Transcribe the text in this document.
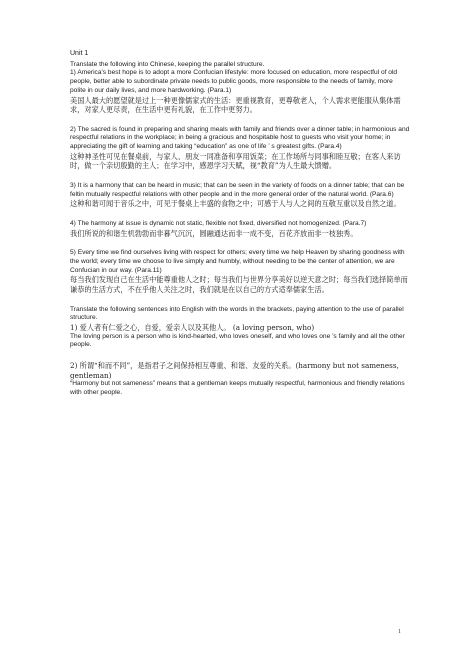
Unit 1

Translate the following into Chinese, keeping the parallel structure.

1) America's best hope is to adopt a more Confucian lifestyle: more focused on education, more respectful of old people, better able to subordinate private needs to public goods, more responsible to the needs of family, more polite in our daily lives, and more hardworking. (Para.1)

美国人最大的愿望就是过上一种更像儒家式的生活：更重视教育，更尊敬老人，个人需求更能服从集体需求，对家人更尽责，在生活中更有礼貌，在工作中更努力。

2) The sacred is found in preparing and sharing meals with family and friends over a dinner table; in harmonious and respectful relations in the workplace; in being a gracious and hospitable host to guests who visit your home; in appreciating the gift of learning and taking “education” as one of life ’ s greatest gifts. (Para.4)

这种神圣性可见在餐桌前，与家人、朋友一同准备和享用饭菜；在工作场所与同事和睦互敬；在客人来访时，做一个亲切殷勤的主人；在学习中，感恩学习天赋，视“教育”为人生最大馈赠。

3) It is a harmony that can be heard in music; that can be seen in the variety of foods on a dinner table; that can be feltin mutually respectful relations with other people and in the more general order of the natural world. (Para.6)

这种和谐可闻于音乐之中，可见于餐桌上丰盛的食物之中；可感于人与人之间的互敬互重以及自然之道。

4) The harmony at issue is dynamic not static, flexible not fixed, diversified not homogenized. (Para.7)

我们所说的和谐生机勃勃而非暮气沉沉，圆融通达而非一成不变，百花齐放而非一枝独秀。

5) Every time we find ourselves living with respect for others; every time we help Heaven by sharing goodness with the world; every time we choose to live simply and humbly, without needing to be the center of attention, we are Confucian in our way. (Para.11)

每当我们发现自己在生活中能尊重他人之时；每当我们与世界分享美好以逆天意之时；每当我们选择简单而谦恭的生活方式，不在乎他人关注之时，我们就是在以自己的方式适奉儒家生活。

Translate the following sentences into English with the words in the brackets, paying attention to the use of parallel structure.

1) 爱人者有仁爱之心，自爱，爱亲人以及其他人。 (a loving person, who)

The loving person is a person who is kind-hearted, who loves oneself, and who loves one ’s family and all the other people.

2) 所谓“和而不同”，是指君子之间保持相互尊重、和谐、友爱的关系。(harmony but not sameness, gentleman)

“Harmony but not sameness” means that a gentleman keeps mutually respectful, harmonious and friendly relations with other people.

1
